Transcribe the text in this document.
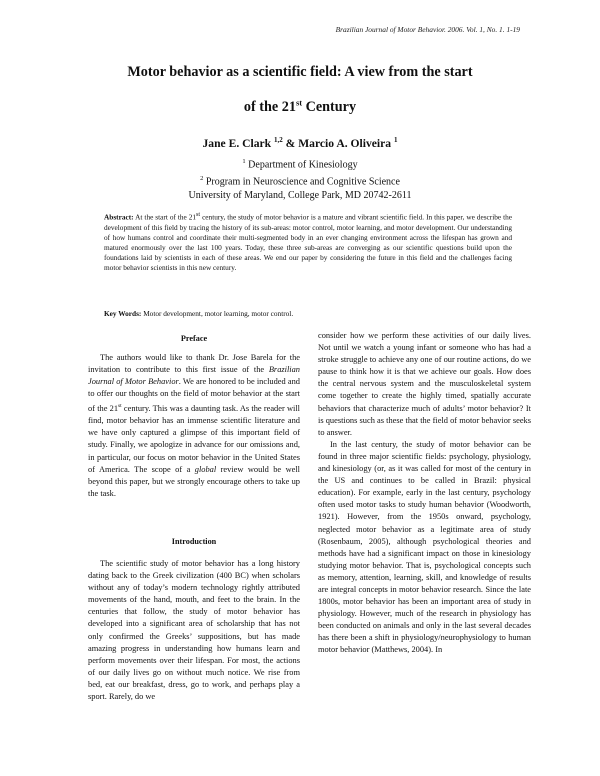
Brazilian Journal of Motor Behavior. 2006. Vol. 1, No. 1. 1-19
Motor behavior as a scientific field: A view from the start
of the 21st Century

Jane E. Clark $^{1,2}$ & Marcio A. Oliveira $^1$

$^1$ Department of Kinesiology
$^2$ Program in Neuroscience and Cognitive Science
University of Maryland, College Park, MD 20742-2611

Abstract: At the start of the 21st century, the study of motor behavior is a mature and vibrant scientific field. In this paper, we describe the development of this field by tracing the history of its sub-areas: motor control, motor learning, and motor development. Our understanding of how humans control and coordinate their multi-segmented body in an ever changing environment across the lifespan has grown and matured enormously over the last 100 years. Today, these three sub-areas are converging as our scientific questions build upon the foundations laid by scientists in each of these areas. We end our paper by considering the future in this field and the challenges facing motor behavior scientists in this new century.

Key Words: Motor development, motor learning, motor control.

Preface

The authors would like to thank Dr. Jose Barela for the invitation to contribute to this first issue of the Brazilian Journal of Motor Behavior. We are honored to be included and to offer our thoughts on the field of motor behavior at the start of the 21st century. This was a daunting task. As the reader will find, motor behavior has an immense scientific literature and we have only captured a glimpse of this important field of study. Finally, we apologize in advance for our omissions and, in particular, our focus on motor behavior in the United States of America. The scope of a global review would be well beyond this paper, but we strongly encourage others to take up the task.

Introduction

The scientific study of motor behavior has a long history dating back to the Greek civilization (400 BC) when scholars without any of today’s modern technology rightly attributed movements of the hand, mouth, and feet to the brain. In the centuries that follow, the study of motor behavior has developed into a significant area of scholarship that has not only confirmed the Greeks’ suppositions, but has made amazing progress in understanding how humans learn and perform movements over their lifespan. For most, the actions of our daily lives go on without much notice. We rise from bed, eat our breakfast, dress, go to work, and perhaps play a sport. Rarely, do we

consider how we perform these activities of our daily lives. Not until we watch a young infant or someone who has had a stroke struggle to achieve any one of our routine actions, do we pause to think how it is that we achieve our goals. How does the central nervous system and the musculoskeletal system come together to create the highly timed, spatially accurate behaviors that characterize much of adults’ motor behavior? It is questions such as these that the field of motor behavior seeks to answer.

In the last century, the study of motor behavior can be found in three major scientific fields: psychology, physiology, and kinesiology (or, as it was called for most of the century in the US and continues to be called in Brazil: physical education). For example, early in the last century, psychology often used motor tasks to study human behavior (Woodworth, 1921). However, from the 1950s onward, psychology, neglected motor behavior as a legitimate area of study (Rosenbaum, 2005), although psychological theories and methods have had a significant impact on those in kinesiology studying motor behavior. That is, psychological concepts such as memory, attention, learning, skill, and knowledge of results are integral concepts in motor behavior research. Since the late 1800s, motor behavior has been an important area of study in physiology. However, much of the research in physiology has been conducted on animals and only in the last several decades has there been a shift in physiology/neurophysiology to human motor behavior (Matthews, 2004). In
